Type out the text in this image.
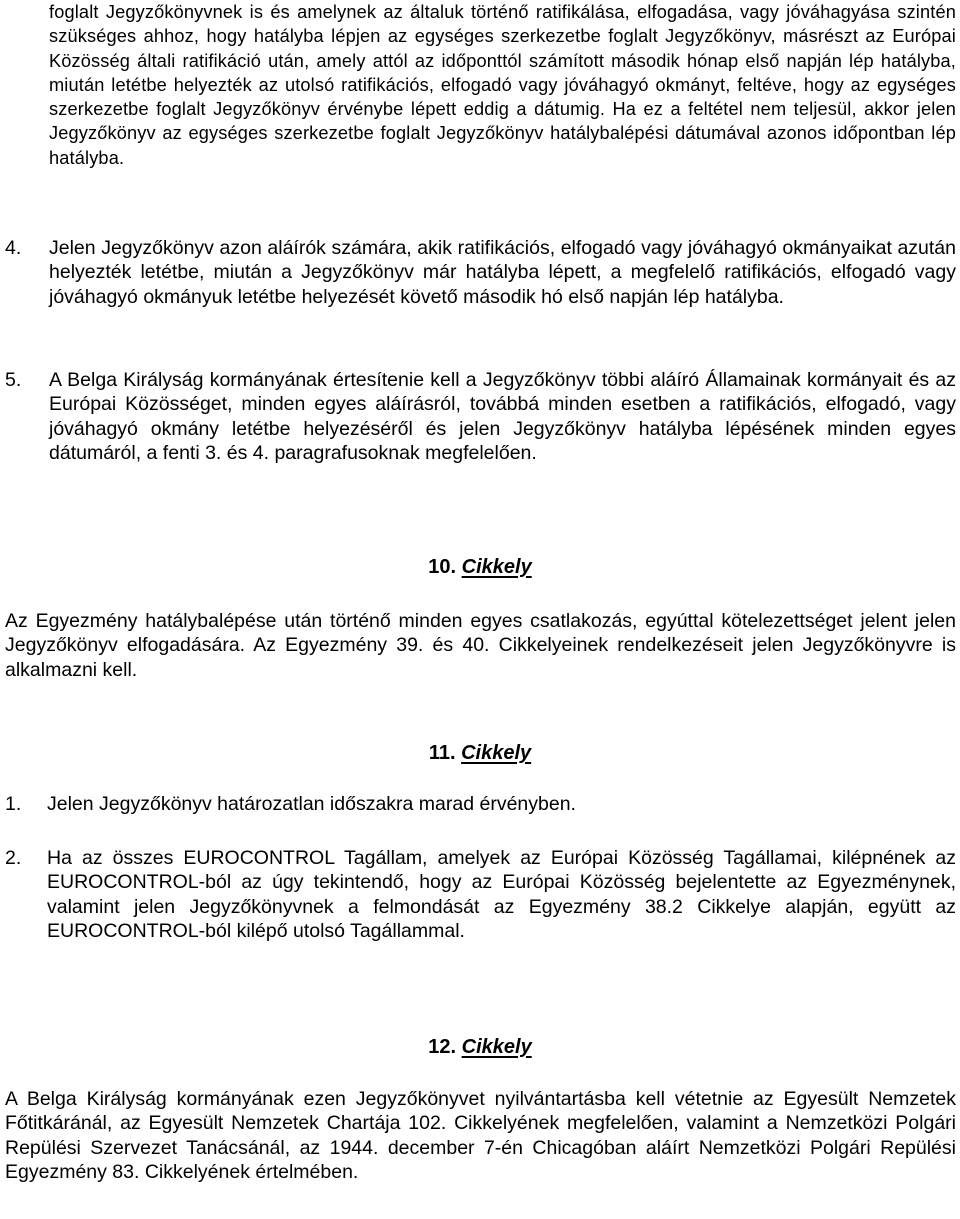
foglalt Jegyzőkönyvnek is és amelynek az általuk történő ratifikálása, elfogadása, vagy jóváhagyása szintén szükséges ahhoz, hogy hatályba lépjen az egységes szerkezetbe foglalt Jegyzőkönyv, másrészt az Európai Közösség általi ratifikáció után, amely attól az időponttól számított második hónap első napján lép hatályba, miután letétbe helyezték az utolsó ratifikációs, elfogadó vagy jóváhagyó okmányt, feltéve, hogy az egységes szerkezetbe foglalt Jegyzőkönyv érvénybe lépett eddig a dátumig. Ha ez a feltétel nem teljesül, akkor jelen Jegyzőkönyv az egységes szerkezetbe foglalt Jegyzőkönyv hatálybalépési dátumával azonos időpontban lép hatályba.
4. Jelen Jegyzőkönyv azon aláírók számára, akik ratifikációs, elfogadó vagy jóváhagyó okmányaikat azután helyezték letétbe, miután a Jegyzőkönyv már hatályba lépett, a megfelelő ratifikációs, elfogadó vagy jóváhagyó okmányuk letétbe helyezését követő második hó első napján lép hatályba.
5. A Belga Királyság kormányának értesítenie kell a Jegyzőkönyv többi aláíró Államainak kormányait és az Európai Közösséget, minden egyes aláírásról, továbbá minden esetben a ratifikációs, elfogadó, vagy jóváhagyó okmány letétbe helyezéséről és jelen Jegyzőkönyv hatályba lépésének minden egyes dátumáról, a fenti 3. és 4. paragrafusoknak megfelelően.
10. Cikkely
Az Egyezmény hatálybalépése után történő minden egyes csatlakozás, egyúttal kötelezettséget jelent jelen Jegyzőkönyv elfogadására. Az Egyezmény 39. és 40. Cikkelyeinek rendelkezéseit jelen Jegyzőkönyvre is alkalmazni kell.
11. Cikkely
1. Jelen Jegyzőkönyv határozatlan időszakra marad érvényben.
2. Ha az összes EUROCONTROL Tagállam, amelyek az Európai Közösség Tagállamai, kilépnének az EUROCONTROL-ból az úgy tekintendő, hogy az Európai Közösség bejelentette az Egyezménynek, valamint jelen Jegyzőkönyvnek a felmondását az Egyezmény 38.2 Cikkelye alapján, együtt az EUROCONTROL-ból kilépő utolsó Tagállammal.
12. Cikkely
A Belga Királyság kormányának ezen Jegyzőkönyvet nyilvántartásba kell vétetnie az Egyesült Nemzetek Főtitkáránál, az Egyesült Nemzetek Chartája 102. Cikkelyének megfelelően, valamint a Nemzetközi Polgári Repülési Szervezet Tanácsánál, az 1944. december 7-én Chicagóban aláírt Nemzetközi Polgári Repülési Egyezmény 83. Cikkelyének értelmében.
